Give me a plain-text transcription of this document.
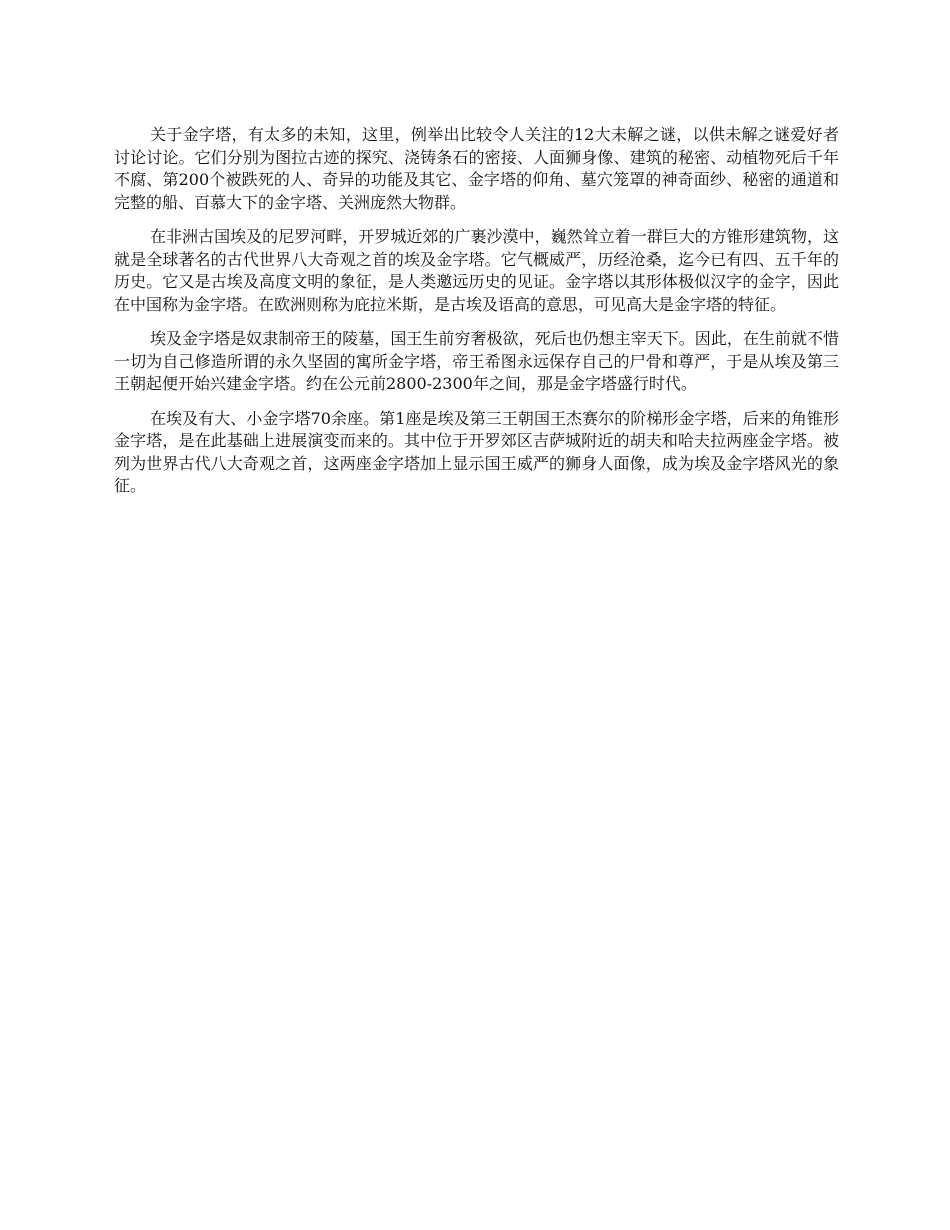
关于金字塔，有太多的未知，这里，例举出比较令人关注的12大未解之谜，以供未解之谜爱好者讨论讨论。它们分别为图拉古迹的探究、浇铸条石的密接、人面狮身像、建筑的秘密、动植物死后千年不腐、第200个被跌死的人、奇异的功能及其它、金字塔的仰角、墓穴笼罩的神奇面纱、秘密的通道和完整的船、百慕大下的金字塔、关洲庞然大物群。

在非洲古国埃及的尼罗河畔，开罗城近郊的广裹沙漠中，巍然耸立着一群巨大的方锥形建筑物，这就是全球著名的古代世界八大奇观之首的埃及金字塔。它气概威严，历经沧桑，迄今已有四、五千年的历史。它又是古埃及高度文明的象征，是人类邀远历史的见证。金字塔以其形体极似汉字的金字，因此在中国称为金字塔。在欧洲则称为庇拉米斯，是古埃及语高的意思，可见高大是金字塔的特征。

埃及金字塔是奴隶制帝王的陵墓，国王生前穷奢极欲，死后也仍想主宰天下。因此，在生前就不惜一切为自己修造所谓的永久坚固的寓所金字塔，帝王希图永远保存自己的尸骨和尊严，于是从埃及第三王朝起便开始兴建金字塔。约在公元前2800-2300年之间，那是金字塔盛行时代。

在埃及有大、小金字塔70余座。第1座是埃及第三王朝国王杰赛尔的阶梯形金字塔，后来的角锥形金字塔，是在此基础上进展演变而来的。其中位于开罗郊区吉萨城附近的胡夫和哈夫拉两座金字塔。被列为世界古代八大奇观之首，这两座金字塔加上显示国王威严的狮身人面像，成为埃及金字塔风光的象征。
